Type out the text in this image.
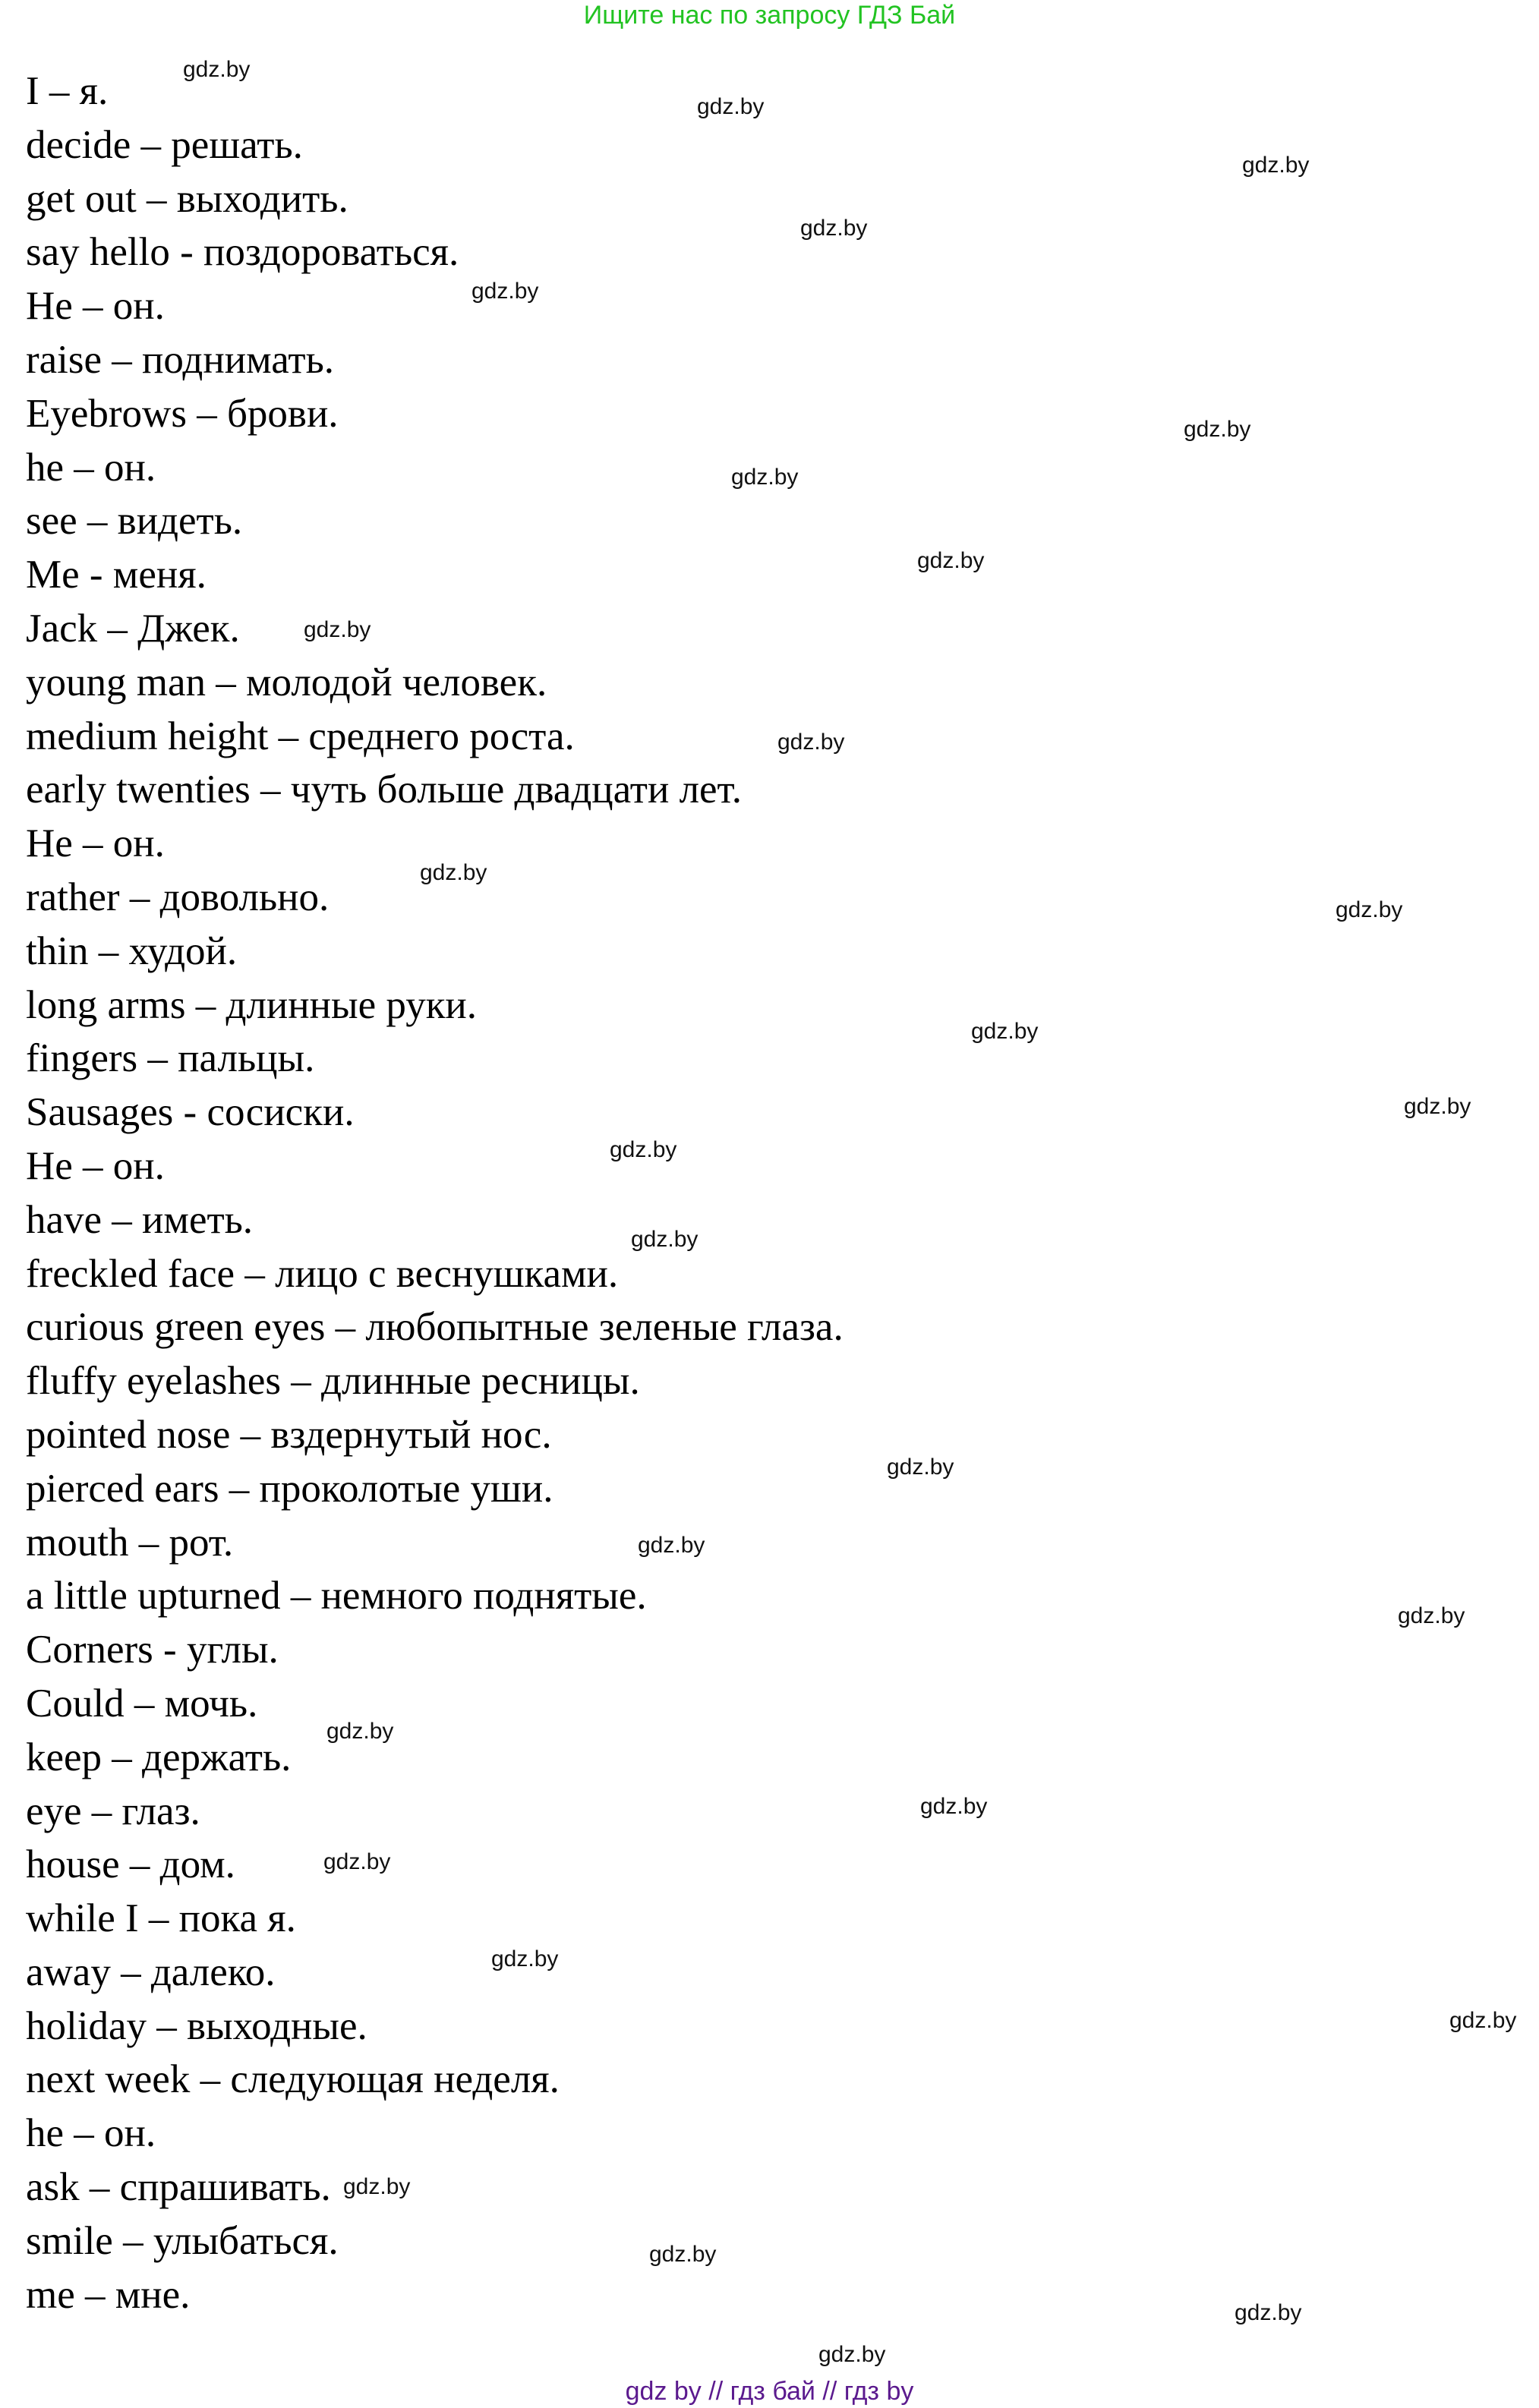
Ищите нас по запросу ГДЗ Бай
I – я.
decide – решать.
get out – выходить.
say hello - поздороваться.
He – он.
raise – поднимать.
Eyebrows – брови.
he – он.
see – видеть.
Me - меня.
Jack – Джек.
young man – молодой человек.
medium height – среднего роста.
early twenties – чуть больше двадцати лет.
He – он.
rather – довольно.
thin – худой.
long arms – длинные руки.
fingers – пальцы.
Sausages - сосиски.
He – он.
have – иметь.
freckled face – лицо с веснушками.
curious green eyes – любопытные зеленые глаза.
fluffy eyelashes – длинные ресницы.
pointed nose – вздернутый нос.
pierced ears – проколотые уши.
mouth – рот.
a little upturned – немного поднятые.
Corners - углы.
Could – мочь.
keep – держать.
eye – глаз.
house – дом.
while I – пока я.
away – далеко.
holiday – выходные.
next week – следующая неделя.
he – он.
ask – спрашивать.
smile – улыбаться.
me – мне.
gdz.by
gdz.by
gdz.by
gdz.by
gdz.by
gdz.by
gdz.by
gdz.by
gdz.by
gdz.by
gdz.by
gdz.by
gdz.by
gdz.by
gdz.by
gdz.by
gdz.by
gdz.by
gdz.by
gdz.by
gdz.by
gdz.by
gdz.by
gdz.by
gdz.by
gdz.by
gdz.by
gdz.by
gdz by // гдз бай // гдз by
